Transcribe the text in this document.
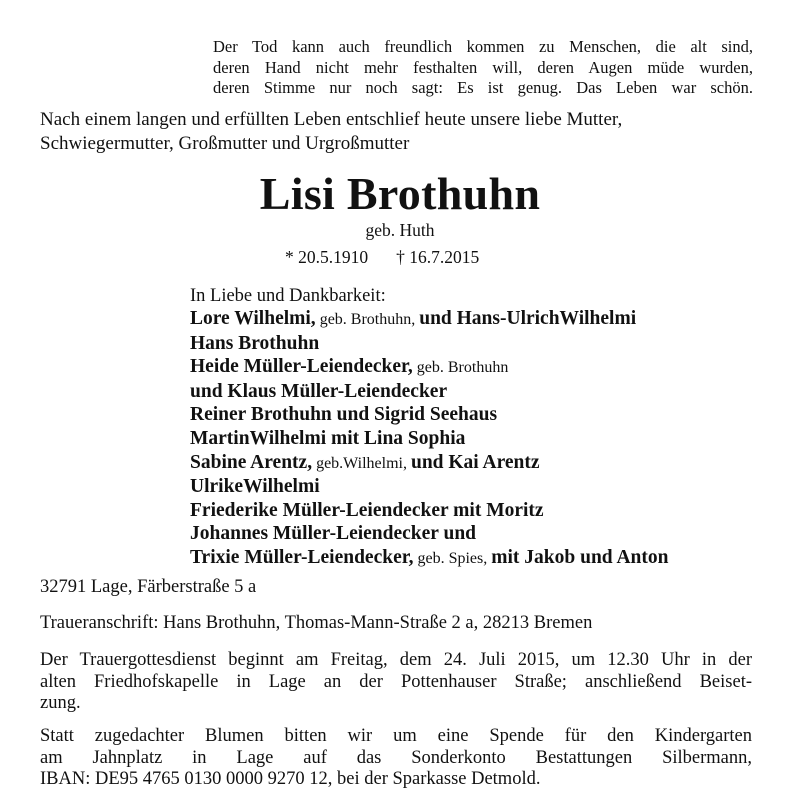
Der Tod kann auch freundlich kommen zu Menschen, die alt sind,
deren Hand nicht mehr festhalten will, deren Augen müde wurden,
deren Stimme nur noch sagt: Es ist genug. Das Leben war schön.
Nach einem langen und erfüllten Leben entschlief heute unsere liebe Mutter,
Schwiegermutter, Großmutter und Urgroßmutter
Lisi Brothuhn
geb. Huth
* 20.5.1910 † 16.7.2015
In Liebe und Dankbarkeit:
Lore Wilhelmi, geb. Brothuhn, und Hans-UlrichWilhelmi
Hans Brothuhn
Heide Müller-Leiendecker, geb. Brothuhn
und Klaus Müller-Leiendecker
Reiner Brothuhn und Sigrid Seehaus
MartinWilhelmi mit Lina Sophia
Sabine Arentz, geb.Wilhelmi, und Kai Arentz
UlrikeWilhelmi
Friederike Müller-Leiendecker mit Moritz
Johannes Müller-Leiendecker und
Trixie Müller-Leiendecker, geb. Spies, mit Jakob und Anton
32791 Lage, Färberstraße 5 a
Traueranschrift: Hans Brothuhn, Thomas-Mann-Straße 2 a, 28213 Bremen
Der Trauergottesdienst beginnt am Freitag, dem 24. Juli 2015, um 12.30 Uhr in der
alten Friedhofskapelle in Lage an der Pottenhauser Straße; anschließend Beiset-
zung.
Statt zugedachter Blumen bitten wir um eine Spende für den Kindergarten
am Jahnplatz in Lage auf das Sonderkonto Bestattungen Silbermann,
IBAN: DE95 4765 0130 0000 9270 12, bei der Sparkasse Detmold.
